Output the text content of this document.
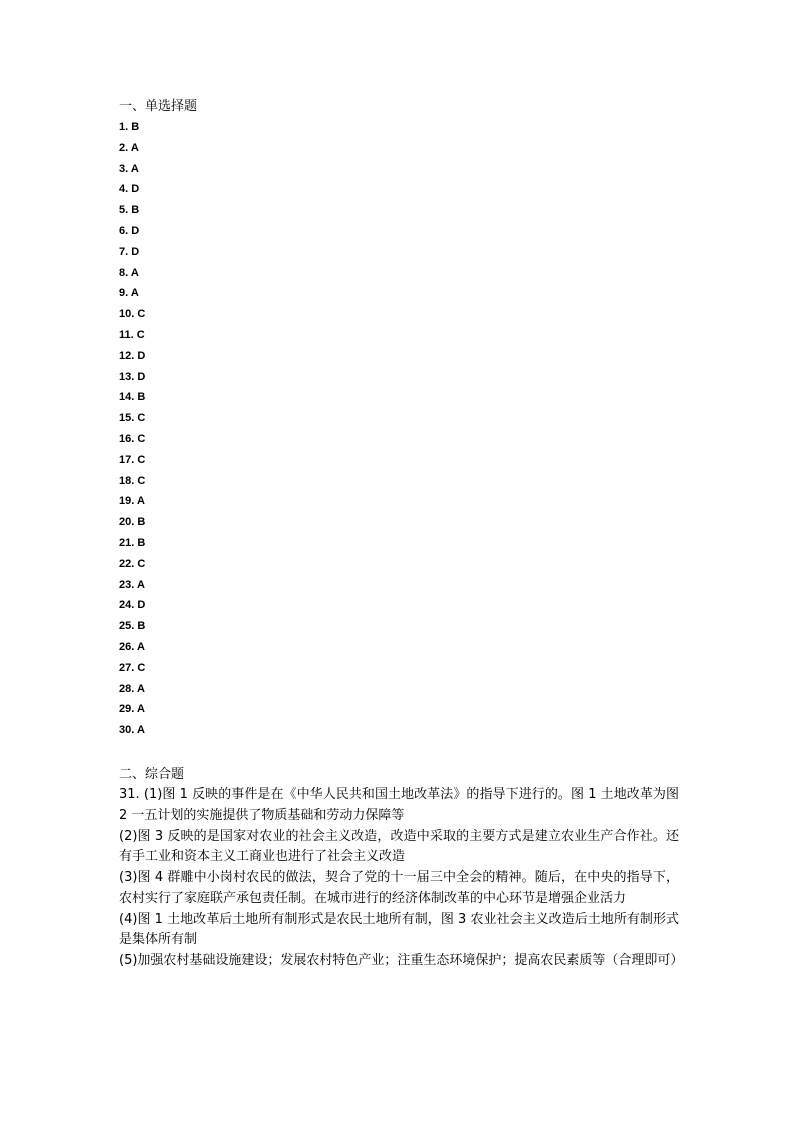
一、单选择题
1. B
2. A
3. A
4. D
5. B
6. D
7. D
8. A
9. A
10. C
11. C
12. D
13. D
14. B
15. C
16. C
17. C
18. C
19. A
20. B
21. B
22. C
23. A
24. D
25. B
26. A
27. C
28. A
29. A
30. A
二、综合题

31. (1)图 1 反映的事件是在《中华人民共和国土地改革法》的指导下进行的。图 1 土地改革为图 2 一五计划的实施提供了物质基础和劳动力保障等

(2)图 3 反映的是国家对农业的社会主义改造，改造中采取的主要方式是建立农业生产合作社。还有手工业和资本主义工商业也进行了社会主义改造

(3)图 4 群雕中小岗村农民的做法，契合了党的十一届三中全会的精神。随后，在中央的指导下，农村实行了家庭联产承包责任制。在城市进行的经济体制改革的中心环节是增强企业活力

(4)图 1 土地改革后土地所有制形式是农民土地所有制，图 3 农业社会主义改造后土地所有制形式是集体所有制

(5)加强农村基础设施建设；发展农村特色产业；注重生态环境保护；提高农民素质等（合理即可）
